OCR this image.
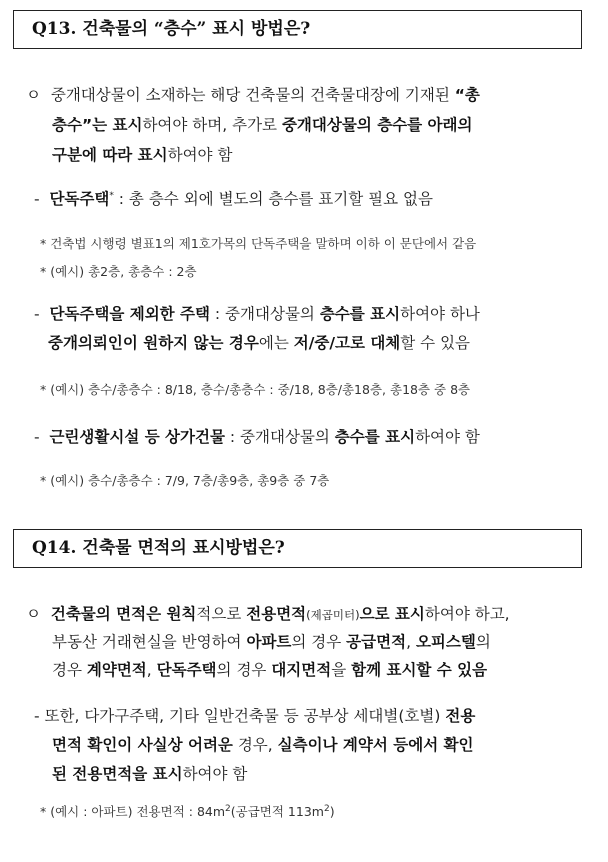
Q13. 건축물의 “층수” 표시 방법은?
ㅇ 중개대상물이 소재하는 해당 건축물의 건축물대장에 기재된 “총
층수”는 표시하여야 하며, 추가로 중개대상물의 층수를 아래의
구분에 따라 표시하여야 함
- 단독주택* : 총 층수 외에 별도의 층수를 표기할 필요 없음
* 건축법 시행령 별표1의 제1호가목의 단독주택을 말하며 이하 이 문단에서 같음
* (예시) 총2층, 총층수 : 2층
- 단독주택을 제외한 주택 : 중개대상물의 층수를 표시하여야 하나
중개의뢰인이 원하지 않는 경우에는 저/중/고로 대체할 수 있음
* (예시) 층수/총층수 : 8/18, 층수/총층수 : 중/18, 8층/총18층, 총18층 중 8층
- 근린생활시설 등 상가건물 : 중개대상물의 층수를 표시하여야 함
* (예시) 층수/총층수 : 7/9, 7층/총9층, 총9층 중 7층
Q14. 건축물 면적의 표시방법은?
ㅇ 건축물의 면적은 원칙적으로 전용면적(제곱미터)으로 표시하여야 하고,
부동산 거래현실을 반영하여 아파트의 경우 공급면적, 오피스텔의
경우 계약면적, 단독주택의 경우 대지면적을 함께 표시할 수 있음
- 또한, 다가구주택, 기타 일반건축물 등 공부상 세대별(호별) 전용
면적 확인이 사실상 어려운 경우, 실측이나 계약서 등에서 확인
된 전용면적을 표시하여야 함
* (예시 : 아파트) 전용면적 : $84m^2$(공급면적 $113m^2$)
